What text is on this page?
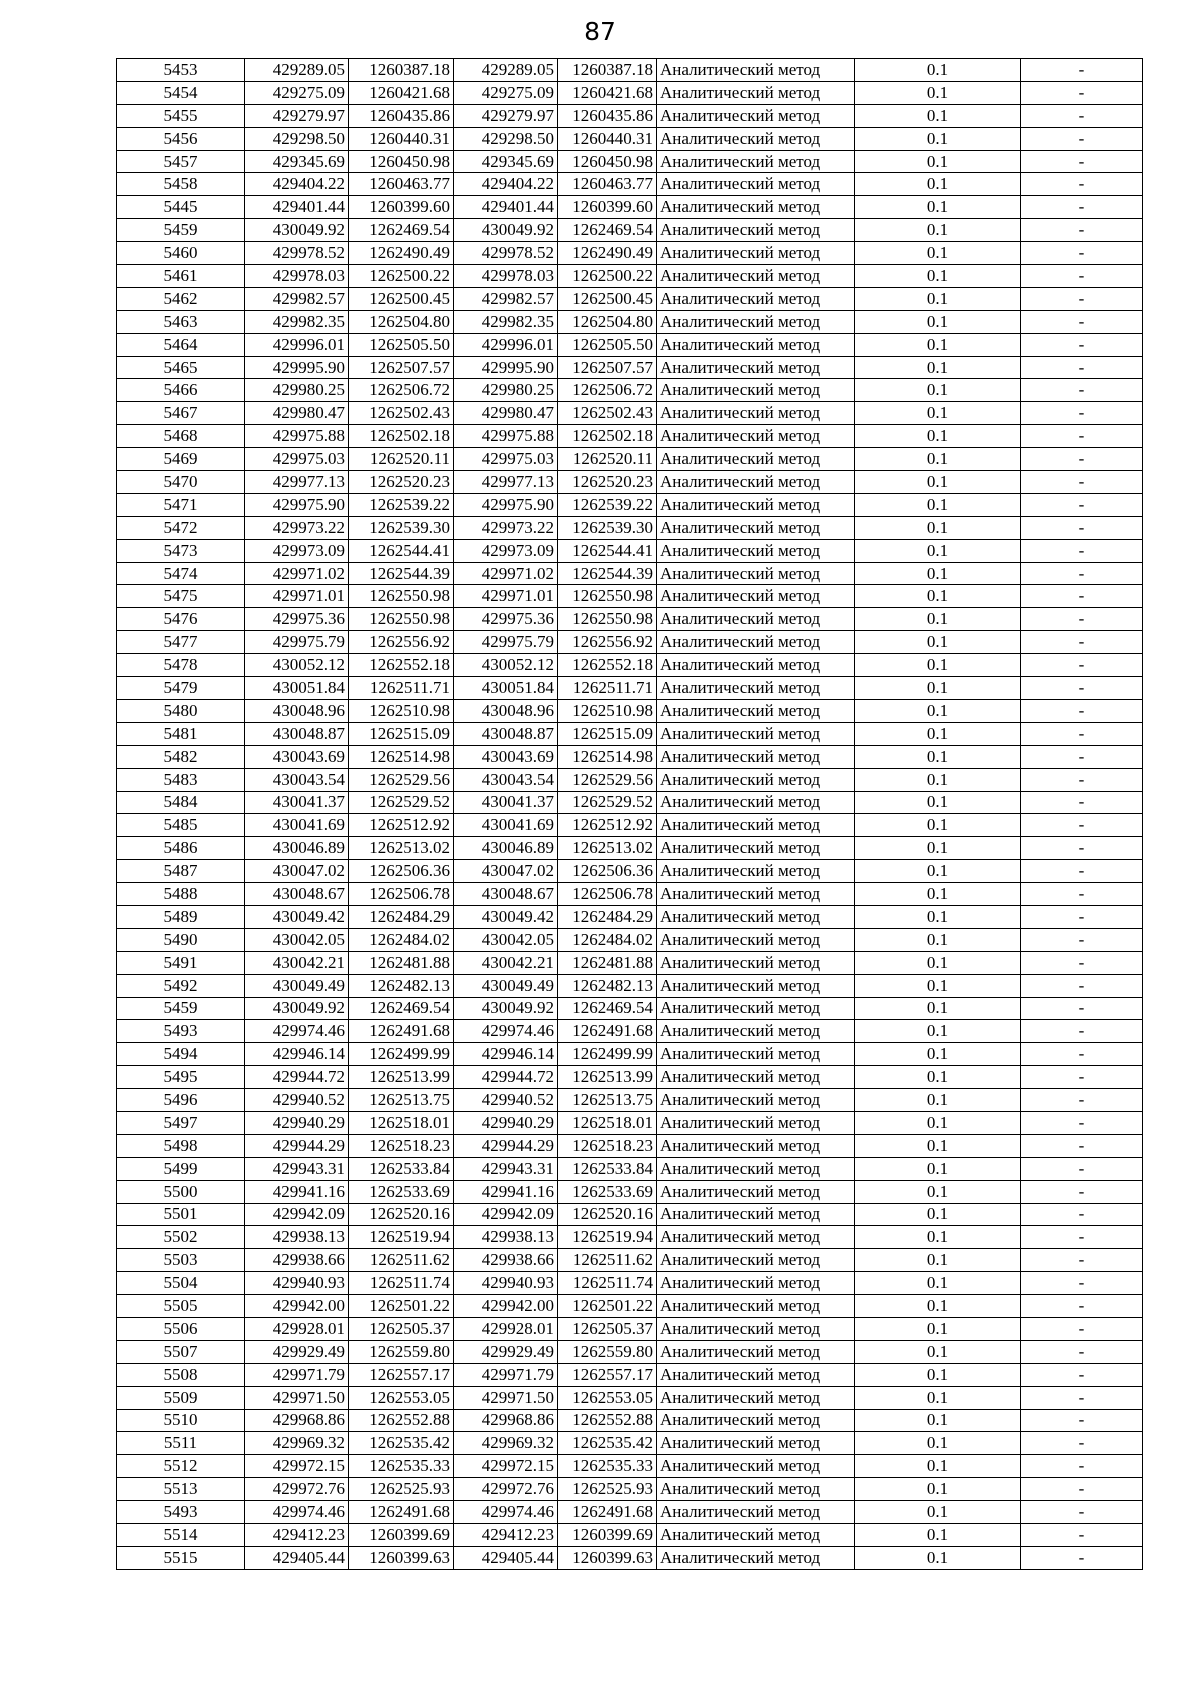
87
5453	429289.05	1260387.18	429289.05	1260387.18	Аналитический метод	0.1	-
5454	429275.09	1260421.68	429275.09	1260421.68	Аналитический метод	0.1	-
5455	429279.97	1260435.86	429279.97	1260435.86	Аналитический метод	0.1	-
5456	429298.50	1260440.31	429298.50	1260440.31	Аналитический метод	0.1	-
5457	429345.69	1260450.98	429345.69	1260450.98	Аналитический метод	0.1	-
5458	429404.22	1260463.77	429404.22	1260463.77	Аналитический метод	0.1	-
5445	429401.44	1260399.60	429401.44	1260399.60	Аналитический метод	0.1	-
5459	430049.92	1262469.54	430049.92	1262469.54	Аналитический метод	0.1	-
5460	429978.52	1262490.49	429978.52	1262490.49	Аналитический метод	0.1	-
5461	429978.03	1262500.22	429978.03	1262500.22	Аналитический метод	0.1	-
5462	429982.57	1262500.45	429982.57	1262500.45	Аналитический метод	0.1	-
5463	429982.35	1262504.80	429982.35	1262504.80	Аналитический метод	0.1	-
5464	429996.01	1262505.50	429996.01	1262505.50	Аналитический метод	0.1	-
5465	429995.90	1262507.57	429995.90	1262507.57	Аналитический метод	0.1	-
5466	429980.25	1262506.72	429980.25	1262506.72	Аналитический метод	0.1	-
5467	429980.47	1262502.43	429980.47	1262502.43	Аналитический метод	0.1	-
5468	429975.88	1262502.18	429975.88	1262502.18	Аналитический метод	0.1	-
5469	429975.03	1262520.11	429975.03	1262520.11	Аналитический метод	0.1	-
5470	429977.13	1262520.23	429977.13	1262520.23	Аналитический метод	0.1	-
5471	429975.90	1262539.22	429975.90	1262539.22	Аналитический метод	0.1	-
5472	429973.22	1262539.30	429973.22	1262539.30	Аналитический метод	0.1	-
5473	429973.09	1262544.41	429973.09	1262544.41	Аналитический метод	0.1	-
5474	429971.02	1262544.39	429971.02	1262544.39	Аналитический метод	0.1	-
5475	429971.01	1262550.98	429971.01	1262550.98	Аналитический метод	0.1	-
5476	429975.36	1262550.98	429975.36	1262550.98	Аналитический метод	0.1	-
5477	429975.79	1262556.92	429975.79	1262556.92	Аналитический метод	0.1	-
5478	430052.12	1262552.18	430052.12	1262552.18	Аналитический метод	0.1	-
5479	430051.84	1262511.71	430051.84	1262511.71	Аналитический метод	0.1	-
5480	430048.96	1262510.98	430048.96	1262510.98	Аналитический метод	0.1	-
5481	430048.87	1262515.09	430048.87	1262515.09	Аналитический метод	0.1	-
5482	430043.69	1262514.98	430043.69	1262514.98	Аналитический метод	0.1	-
5483	430043.54	1262529.56	430043.54	1262529.56	Аналитический метод	0.1	-
5484	430041.37	1262529.52	430041.37	1262529.52	Аналитический метод	0.1	-
5485	430041.69	1262512.92	430041.69	1262512.92	Аналитический метод	0.1	-
5486	430046.89	1262513.02	430046.89	1262513.02	Аналитический метод	0.1	-
5487	430047.02	1262506.36	430047.02	1262506.36	Аналитический метод	0.1	-
5488	430048.67	1262506.78	430048.67	1262506.78	Аналитический метод	0.1	-
5489	430049.42	1262484.29	430049.42	1262484.29	Аналитический метод	0.1	-
5490	430042.05	1262484.02	430042.05	1262484.02	Аналитический метод	0.1	-
5491	430042.21	1262481.88	430042.21	1262481.88	Аналитический метод	0.1	-
5492	430049.49	1262482.13	430049.49	1262482.13	Аналитический метод	0.1	-
5459	430049.92	1262469.54	430049.92	1262469.54	Аналитический метод	0.1	-
5493	429974.46	1262491.68	429974.46	1262491.68	Аналитический метод	0.1	-
5494	429946.14	1262499.99	429946.14	1262499.99	Аналитический метод	0.1	-
5495	429944.72	1262513.99	429944.72	1262513.99	Аналитический метод	0.1	-
5496	429940.52	1262513.75	429940.52	1262513.75	Аналитический метод	0.1	-
5497	429940.29	1262518.01	429940.29	1262518.01	Аналитический метод	0.1	-
5498	429944.29	1262518.23	429944.29	1262518.23	Аналитический метод	0.1	-
5499	429943.31	1262533.84	429943.31	1262533.84	Аналитический метод	0.1	-
5500	429941.16	1262533.69	429941.16	1262533.69	Аналитический метод	0.1	-
5501	429942.09	1262520.16	429942.09	1262520.16	Аналитический метод	0.1	-
5502	429938.13	1262519.94	429938.13	1262519.94	Аналитический метод	0.1	-
5503	429938.66	1262511.62	429938.66	1262511.62	Аналитический метод	0.1	-
5504	429940.93	1262511.74	429940.93	1262511.74	Аналитический метод	0.1	-
5505	429942.00	1262501.22	429942.00	1262501.22	Аналитический метод	0.1	-
5506	429928.01	1262505.37	429928.01	1262505.37	Аналитический метод	0.1	-
5507	429929.49	1262559.80	429929.49	1262559.80	Аналитический метод	0.1	-
5508	429971.79	1262557.17	429971.79	1262557.17	Аналитический метод	0.1	-
5509	429971.50	1262553.05	429971.50	1262553.05	Аналитический метод	0.1	-
5510	429968.86	1262552.88	429968.86	1262552.88	Аналитический метод	0.1	-
5511	429969.32	1262535.42	429969.32	1262535.42	Аналитический метод	0.1	-
5512	429972.15	1262535.33	429972.15	1262535.33	Аналитический метод	0.1	-
5513	429972.76	1262525.93	429972.76	1262525.93	Аналитический метод	0.1	-
5493	429974.46	1262491.68	429974.46	1262491.68	Аналитический метод	0.1	-
5514	429412.23	1260399.69	429412.23	1260399.69	Аналитический метод	0.1	-
5515	429405.44	1260399.63	429405.44	1260399.63	Аналитический метод	0.1	-
